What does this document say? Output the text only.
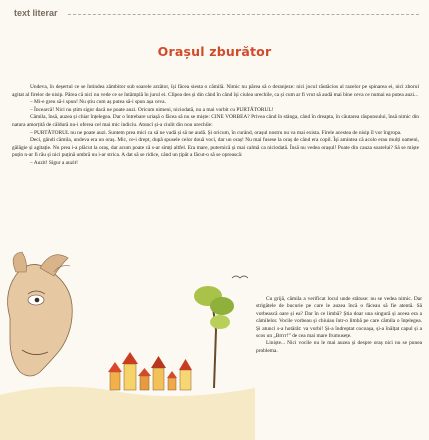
text literar
Orașul zburător

Undeva, în deșertul ce se întindea zâmbitor sub soarele arzător, își făcea siesta o cămilă. Nimic nu părea să o deranjeze: nici jocul răutăcios al razelor pe spinarea ei, nici zborul agitat al firelor de nisip. Părea că nici nu vede ce se întâmplă în jurul ei. Clipea des și din când în când își ciulea urechile, ca și cum ar fi vrut să audă mai bine ceva ce numai ea putea auzi...

– Mi-e greu să-i spun! Nu știu cum aș putea să-i spun așa ceva.

– Încearcă! Nici nu știm sigur dacă ne poate auzi. Oricum nimeni, niciodată, nu a mai vorbit cu PURTĂTORUL!

Cămila, însă, auzea și chiar înțelegea. Dar o întrebare uriașă o făcea să nu se miște: CINE VORBEA? Privea când în stânga, când în dreapta, în căutarea răspunsului, însă nimic din natura amorțită de căldură nu-i oferea cel mai mic indiciu. Atunci și-a ciulit din nou urechile:

– PURTĂTORUL nu ne poate auzi. Suntem prea mici ca să ne vadă și să ne audă. Și oricum, în curând, orașul nostru nu va mai exista. Firele acestea de nisip îl vor îngropa.

Deci, gândi cămila, undeva era un oraș. Mic, ce-i drept, dupã spusele celor două voci, dar un oraș! Nu mai fusese la oraș de când era copil. Își amintea că acolo erau mulți oameni, gălăgie și agitație. Nu prea i-a plăcut la oraș, dar acum poate că s-ar simți altfel. Era mare, puternică și mai calmă ca niciodată. Însă nu vedea orașul! Poate din cauza soarelui? Să se miște puțin n-ar fi rău și nici puțină umbră nu i-ar strica. A dat să se ridice, când un țipăt a făcut-o să se oprească:

– Auzit! Sigur a auzit!

Cu grijă, cămila a verificat locul unde stătuse: nu se vedea nimic. Dar strigătele de bucurie pe care le auzea încă o făceau să fie atentă. Să vorbească oare și ea? Dar în ce limbă? Știa doar una singură și aceea era a cămilelor. Vocile vorbeau și chiuiau într-o limbă pe care cămila o înțelegea. Și atunci s-a hotărât: va vorbi! Și-a îndreptat cocoașa, și-a înălțat capul și a scos un „Brrrr!” de cea mai mare frumusețe.

Liniște... Nici vocile nu le mai auzea și despre oraș nici nu se punea problema.
